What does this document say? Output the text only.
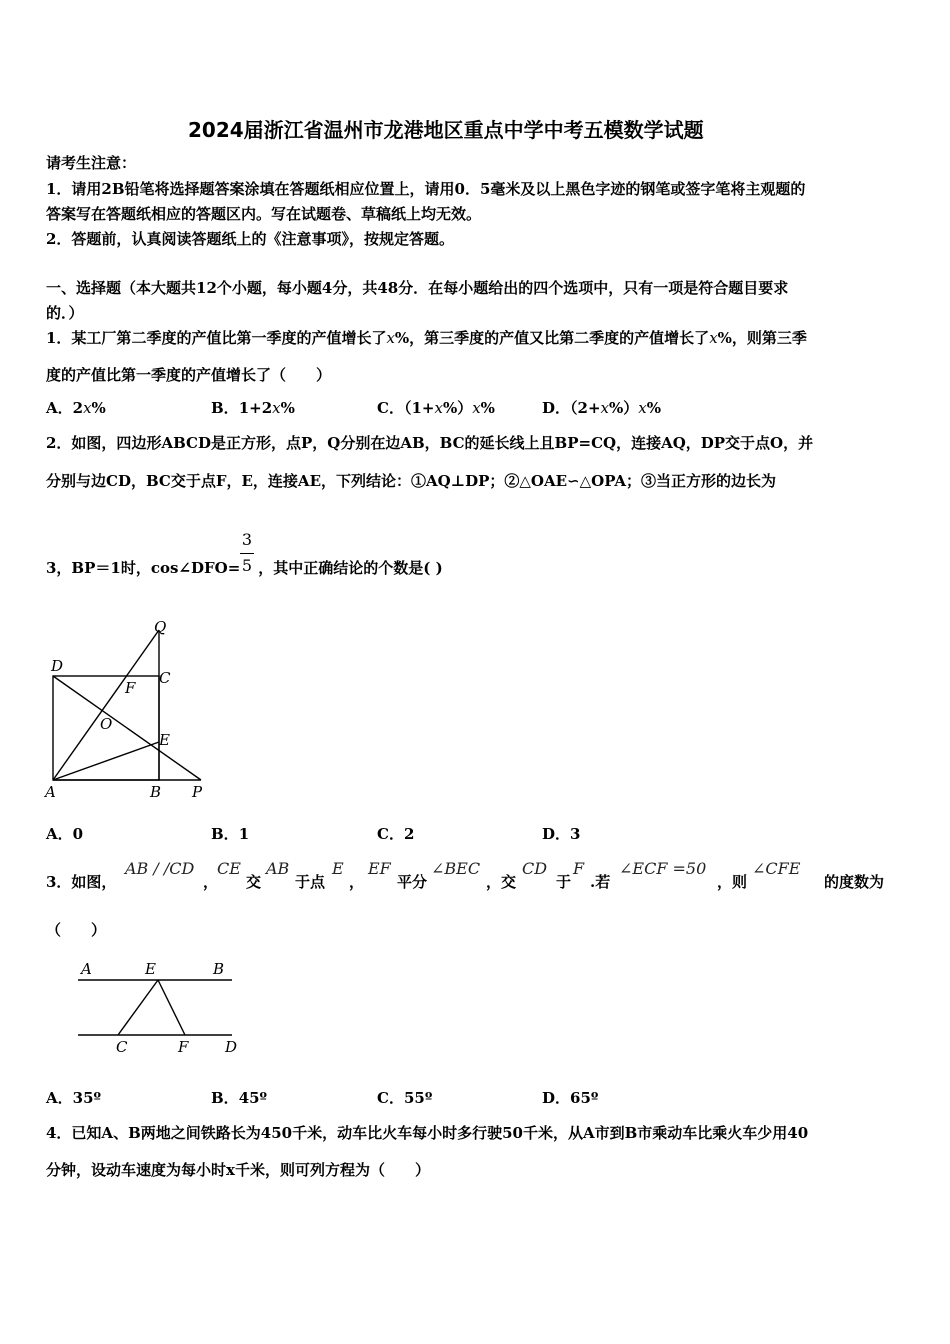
2024届浙江省温州市龙港地区重点中学中考五模数学试题
请考生注意：
1．请用2B铅笔将选择题答案涂填在答题纸相应位置上，请用0．5毫米及以上黑色字迹的钢笔或签字笔将主观题的
答案写在答题纸相应的答题区内。写在试题卷、草稿纸上均无效。
2．答题前，认真阅读答题纸上的《注意事项》，按规定答题。
一、选择题（本大题共12个小题，每小题4分，共48分．在每小题给出的四个选项中，只有一项是符合题目要求
的．）
1．某工厂第二季度的产值比第一季度的产值增长了x%，第三季度的产值又比第二季度的产值增长了x%，则第三季
度的产值比第一季度的产值增长了（　　）
A．2x%	B．1+2x%	C．（1+x%）x%	D．（2+x%）x%
2．如图，四边形ABCD是正方形，点P，Q分别在边AB，BC的延长线上且BP=CQ，连接AQ，DP交于点O，并
分别与边CD，BC交于点F，E，连接AE，下列结论：①AQ⊥DP；②△OAE∽△OPA；③当正方形的边长为
3，BP＝1时，cos∠DFO= ，其中正确结论的个数是( )
3
5
Q
D
C
F
O
E
A	B P
A．0	B．1	C．2	D．3
3．如图，
AB / /CD
，
CE
交
AB
于点
E
，
EF
平分
∠BEC
，交
CD
于
F
.若
∠ECF =50
，则
∠CFE
的度数为
（　　）
A	E	B
C	F D
A．35º	B．45º	C．55º	D．65º
4．已知A、B两地之间铁路长为450千米，动车比火车每小时多行驶50千米，从A市到B市乘动车比乘火车少用40
分钟，设动车速度为每小时x千米，则可列方程为（　　）
